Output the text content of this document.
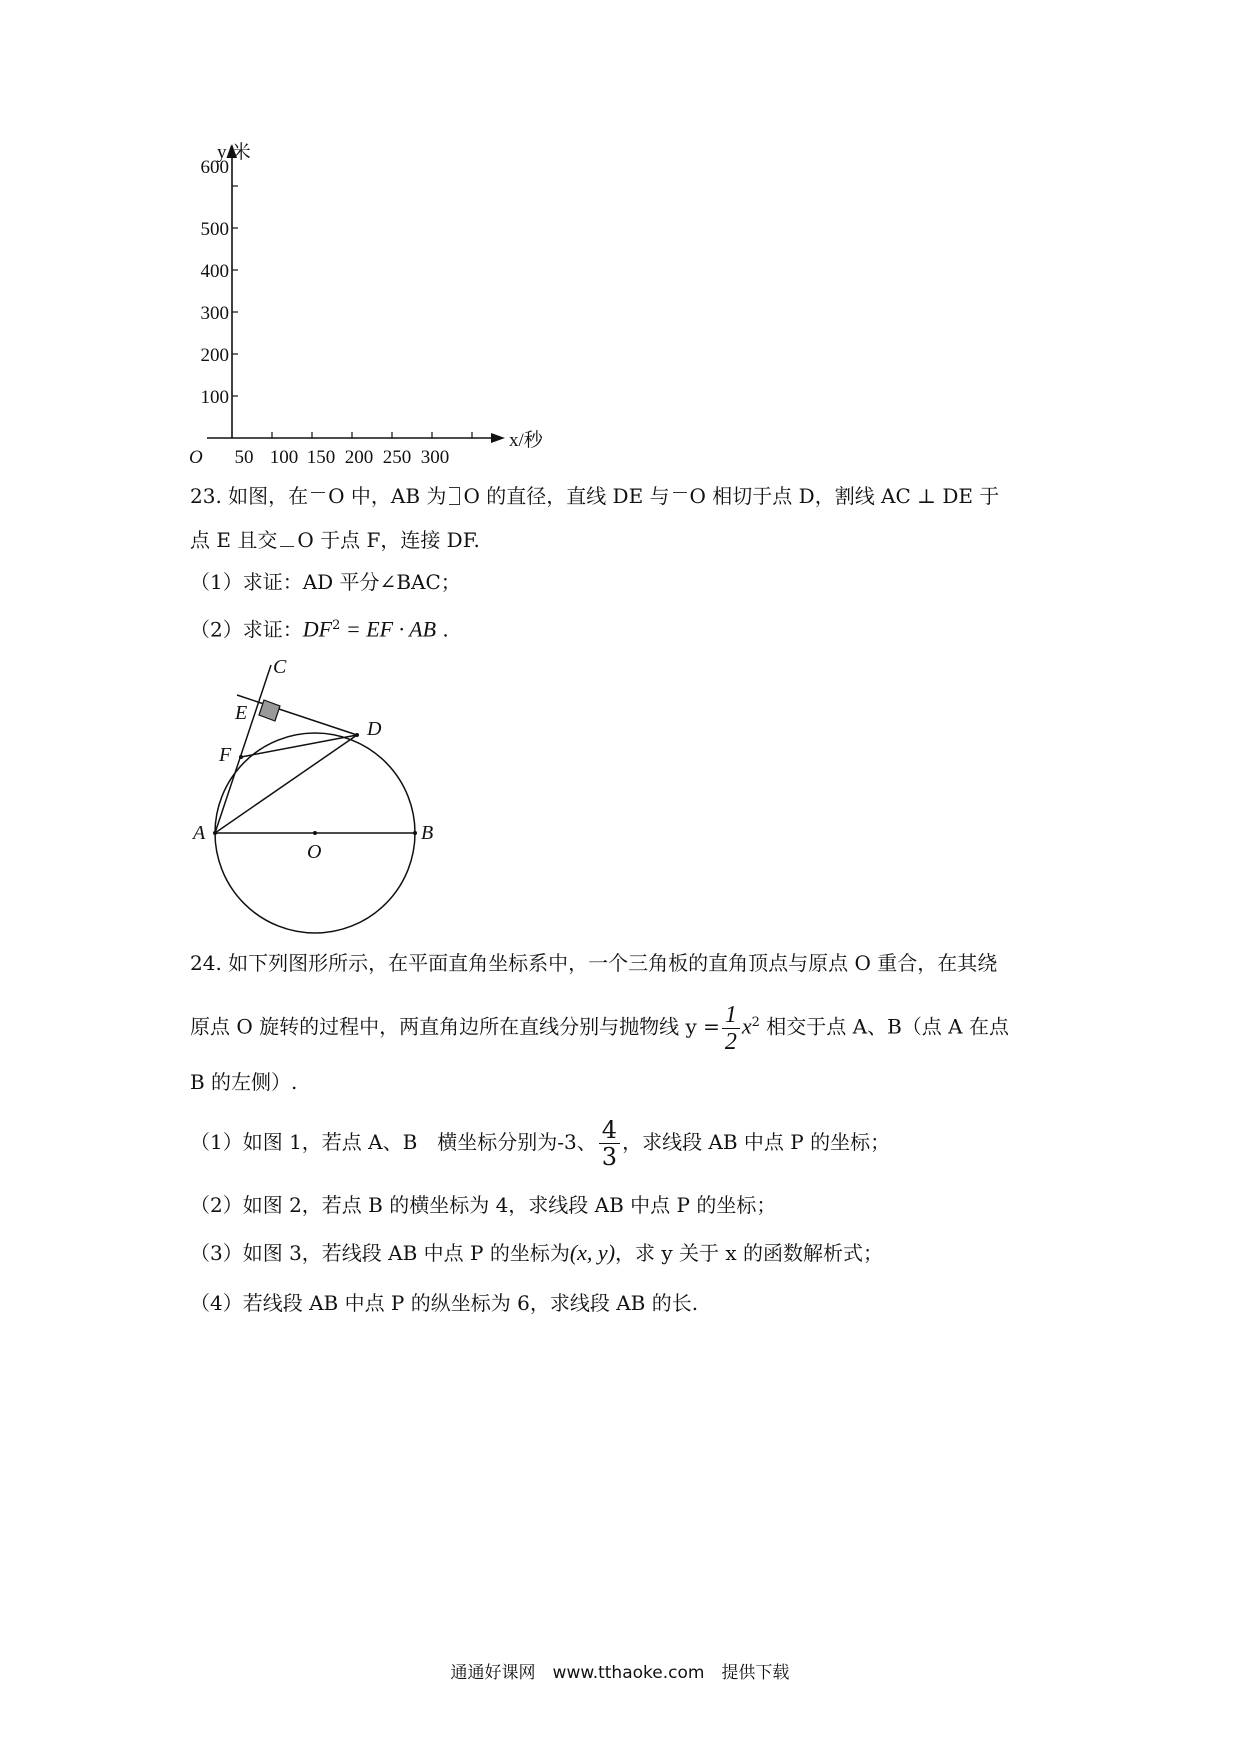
100
200
300
400
500
600
50 100 150 200 250 300
O
y/米
x/秒
23. 如图，在 O 中，AB 为 O 的直径，直线 DE 与 O 相切于点 D，割线 AC ⊥ DE 于
点 E 且交 O 于点 F，连接 DF.
（1）求证：AD 平分∠BAC；
（2）求证：$DF^2$ = EF · AB .
C
E
D
F
A
O
B
24. 如下列图形所示，在平面直角坐标系中，一个三角板的直角顶点与原点 O 重合，在其绕
原点 O 旋转的过程中，两直角边所在直线分别与抛物线 $y = \frac{1}{2} x^2$ 相交于点 A、B（点 A 在点
B 的左侧）.
（1）如图 1，若点 A、B　横坐标分别为-3、 $\frac{4}{3}$ ，求线段 AB 中点 P 的坐标；
（2）如图 2，若点 B 的横坐标为 4，求线段 AB 中点 P 的坐标；
（3）如图 3，若线段 AB 中点 P 的坐标为(x, y)，求 y 关于 x 的函数解析式；
（4）若线段 AB 中点 P 的纵坐标为 6，求线段 AB 的长.
通通好课网　www.tthaoke.com　提供下载
